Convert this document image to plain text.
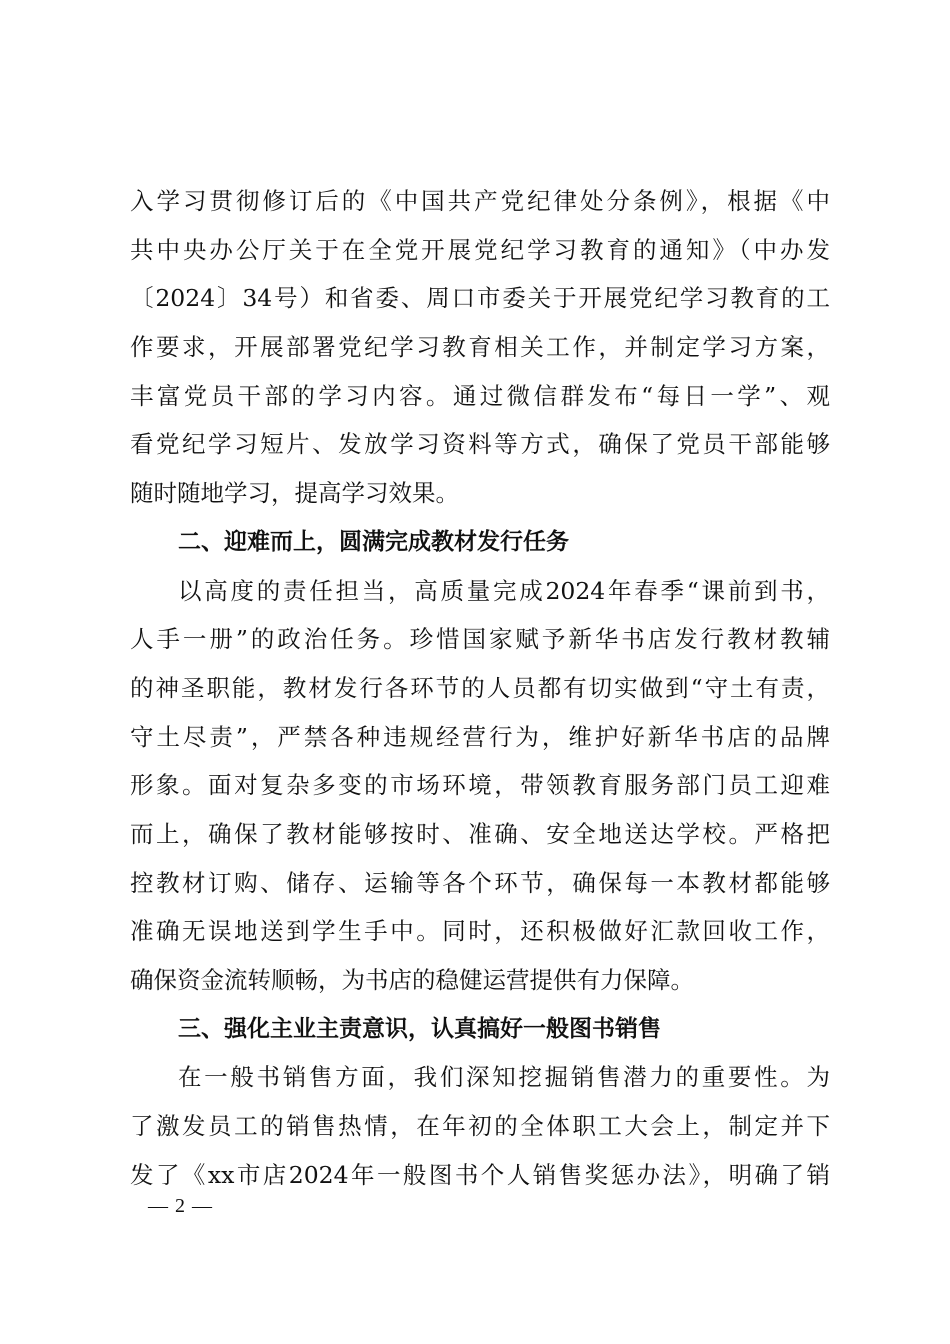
入学习贯彻修订后的《中国共产党纪律处分条例》，根据《中
共中央办公厅关于在全党开展党纪学习教育的通知》（中办发
〔2024〕34号）和省委、周口市委关于开展党纪学习教育的工
作要求，开展部署党纪学习教育相关工作，并制定学习方案，
丰富党员干部的学习内容。通过微信群发布“每日一学”、观
看党纪学习短片、发放学习资料等方式，确保了党员干部能够
随时随地学习，提高学习效果。
二、迎难而上，圆满完成教材发行任务
以高度的责任担当，高质量完成2024年春季“课前到书，
人手一册”的政治任务。珍惜国家赋予新华书店发行教材教辅
的神圣职能，教材发行各环节的人员都有切实做到“守土有责，
守土尽责”，严禁各种违规经营行为，维护好新华书店的品牌
形象。面对复杂多变的市场环境，带领教育服务部门员工迎难
而上，确保了教材能够按时、准确、安全地送达学校。严格把
控教材订购、储存、运输等各个环节，确保每一本教材都能够
准确无误地送到学生手中。同时，还积极做好汇款回收工作，
确保资金流转顺畅，为书店的稳健运营提供有力保障。
三、强化主业主责意识，认真搞好一般图书销售
在一般书销售方面，我们深知挖掘销售潜力的重要性。为
了激发员工的销售热情，在年初的全体职工大会上，制定并下
发了《xx市店2024年一般图书个人销售奖惩办法》，明确了销
— 2 —
